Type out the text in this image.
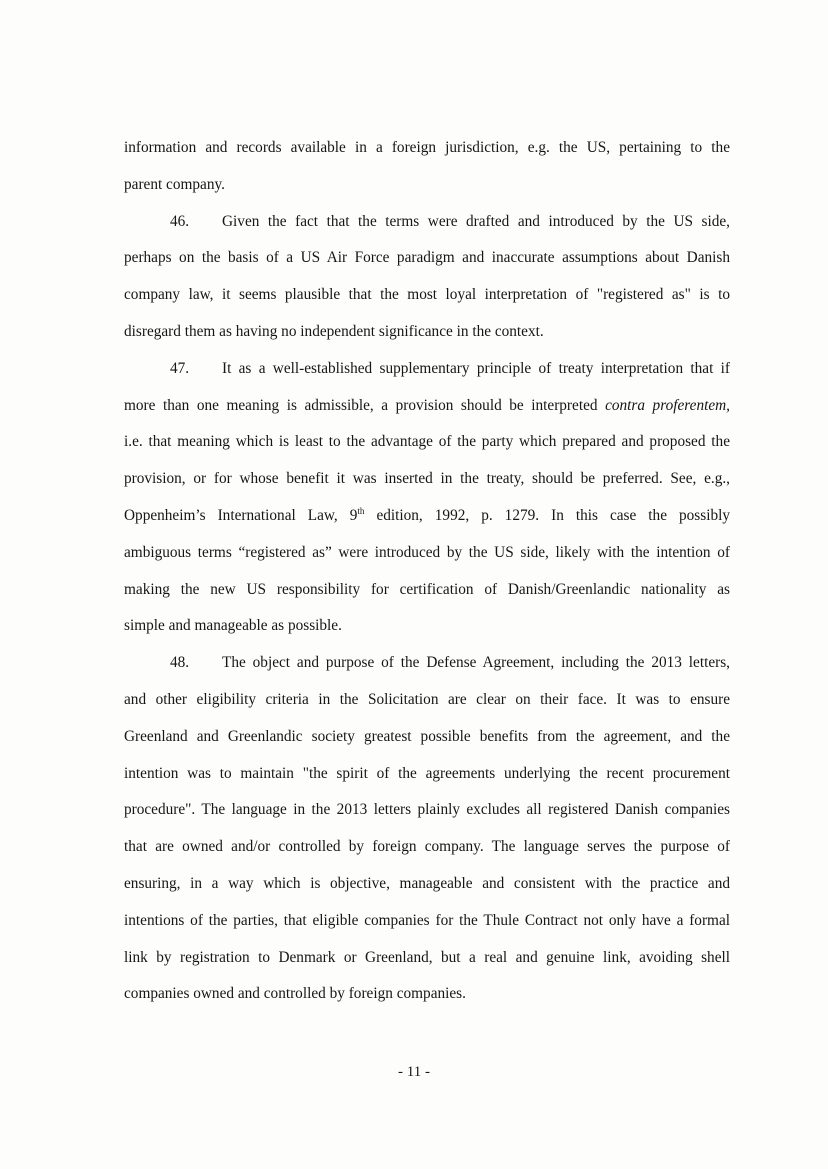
information and records available in a foreign jurisdiction, e.g. the US, pertaining to the
parent company.
46. Given the fact that the terms were drafted and introduced by the US side,
perhaps on the basis of a US Air Force paradigm and inaccurate assumptions about Danish
company law, it seems plausible that the most loyal interpretation of "registered as" is to
disregard them as having no independent significance in the context.
47. It as a well-established supplementary principle of treaty interpretation that if
more than one meaning is admissible, a provision should be interpreted contra proferentem,
i.e. that meaning which is least to the advantage of the party which prepared and proposed the
provision, or for whose benefit it was inserted in the treaty, should be preferred. See, e.g.,
Oppenheim’s International Law, 9th edition, 1992, p. 1279. In this case the possibly
ambiguous terms “registered as” were introduced by the US side, likely with the intention of
making the new US responsibility for certification of Danish/Greenlandic nationality as
simple and manageable as possible.
48. The object and purpose of the Defense Agreement, including the 2013 letters,
and other eligibility criteria in the Solicitation are clear on their face. It was to ensure
Greenland and Greenlandic society greatest possible benefits from the agreement, and the
intention was to maintain "the spirit of the agreements underlying the recent procurement
procedure". The language in the 2013 letters plainly excludes all registered Danish companies
that are owned and/or controlled by foreign company. The language serves the purpose of
ensuring, in a way which is objective, manageable and consistent with the practice and
intentions of the parties, that eligible companies for the Thule Contract not only have a formal
link by registration to Denmark or Greenland, but a real and genuine link, avoiding shell
companies owned and controlled by foreign companies.
- 11 -
